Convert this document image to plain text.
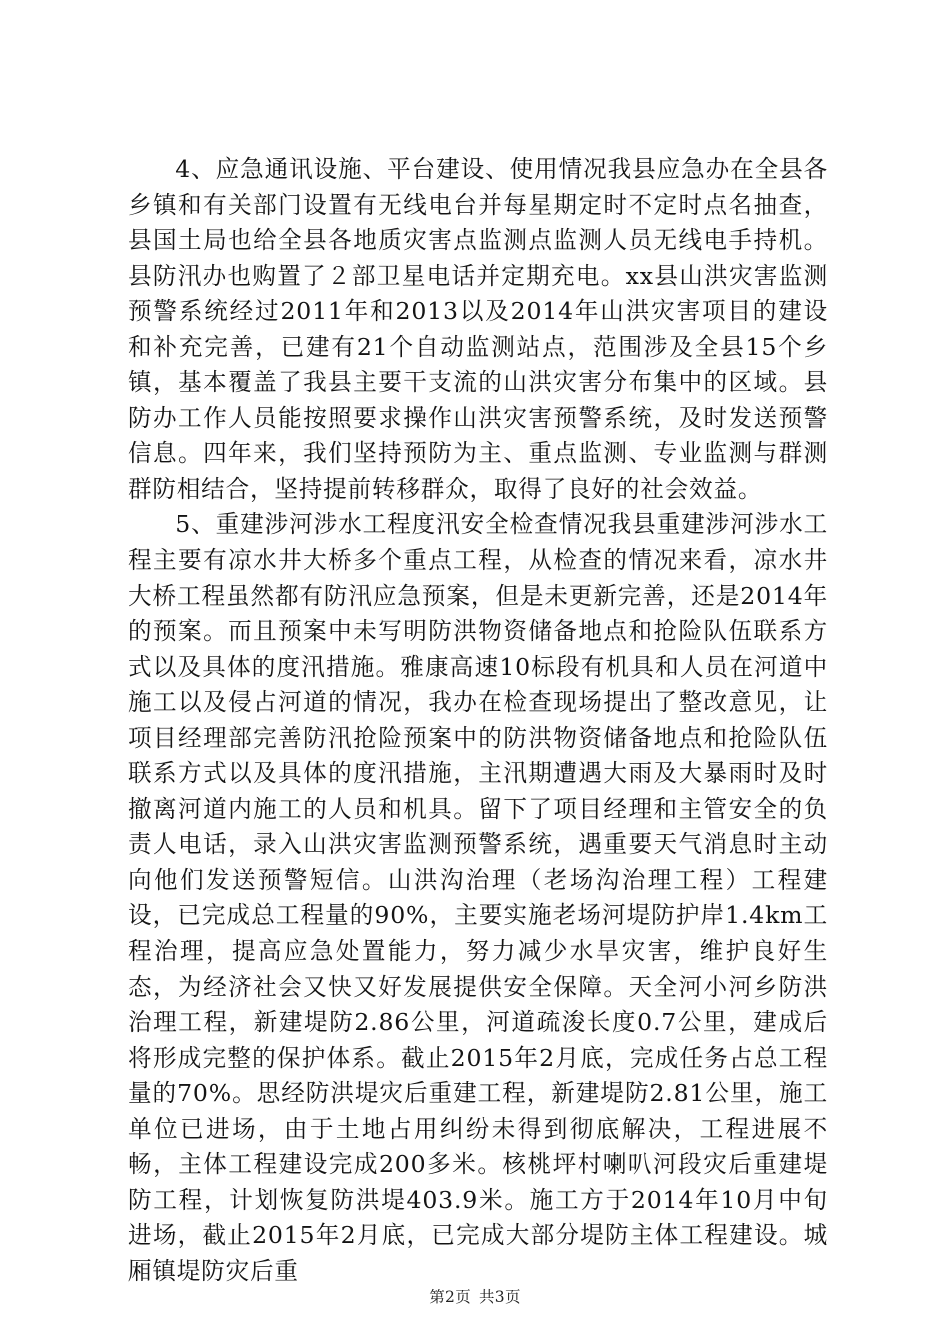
4、应急通讯设施、平台建设、使用情况我县应急办在全县各乡镇和有关部门设置有无线电台并每星期定时不定时点名抽查，县国土局也给全县各地质灾害点监测点监测人员无线电手持机。县防汛办也购置了２部卫星电话并定期充电。xx县山洪灾害监测预警系统经过2011年和2013以及2014年山洪灾害项目的建设和补充完善，已建有21个自动监测站点，范围涉及全县15个乡镇，基本覆盖了我县主要干支流的山洪灾害分布集中的区域。县防办工作人员能按照要求操作山洪灾害预警系统，及时发送预警信息。四年来，我们坚持预防为主、重点监测、专业监测与群测群防相结合，坚持提前转移群众，取得了良好的社会效益。

5、重建涉河涉水工程度汛安全检查情况我县重建涉河涉水工程主要有凉水井大桥多个重点工程，从检查的情况来看，凉水井大桥工程虽然都有防汛应急预案，但是未更新完善，还是2014年的预案。而且预案中未写明防洪物资储备地点和抢险队伍联系方式以及具体的度汛措施。雅康高速10标段有机具和人员在河道中施工以及侵占河道的情况，我办在检查现场提出了整改意见，让项目经理部完善防汛抢险预案中的防洪物资储备地点和抢险队伍联系方式以及具体的度汛措施，主汛期遭遇大雨及大暴雨时及时撤离河道内施工的人员和机具。留下了项目经理和主管安全的负责人电话，录入山洪灾害监测预警系统，遇重要天气消息时主动向他们发送预警短信。山洪沟治理（老场沟治理工程）工程建设，已完成总工程量的90%，主要实施老场河堤防护岸1.4km工程治理，提高应急处置能力，努力减少水旱灾害，维护良好生态，为经济社会又快又好发展提供安全保障。天全河小河乡防洪治理工程，新建堤防2.86公里，河道疏浚长度0.7公里，建成后将形成完整的保护体系。截止2015年2月底，完成任务占总工程量的70%。思经防洪堤灾后重建工程，新建堤防2.81公里，施工单位已进场，由于土地占用纠纷未得到彻底解决，工程进展不畅，主体工程建设完成200多米。核桃坪村喇叭河段灾后重建堤防工程，计划恢复防洪堤403.9米。施工方于2014年10月中旬进场，截止2015年2月底，已完成大部分堤防主体工程建设。城厢镇堤防灾后重

第2页 共3页
